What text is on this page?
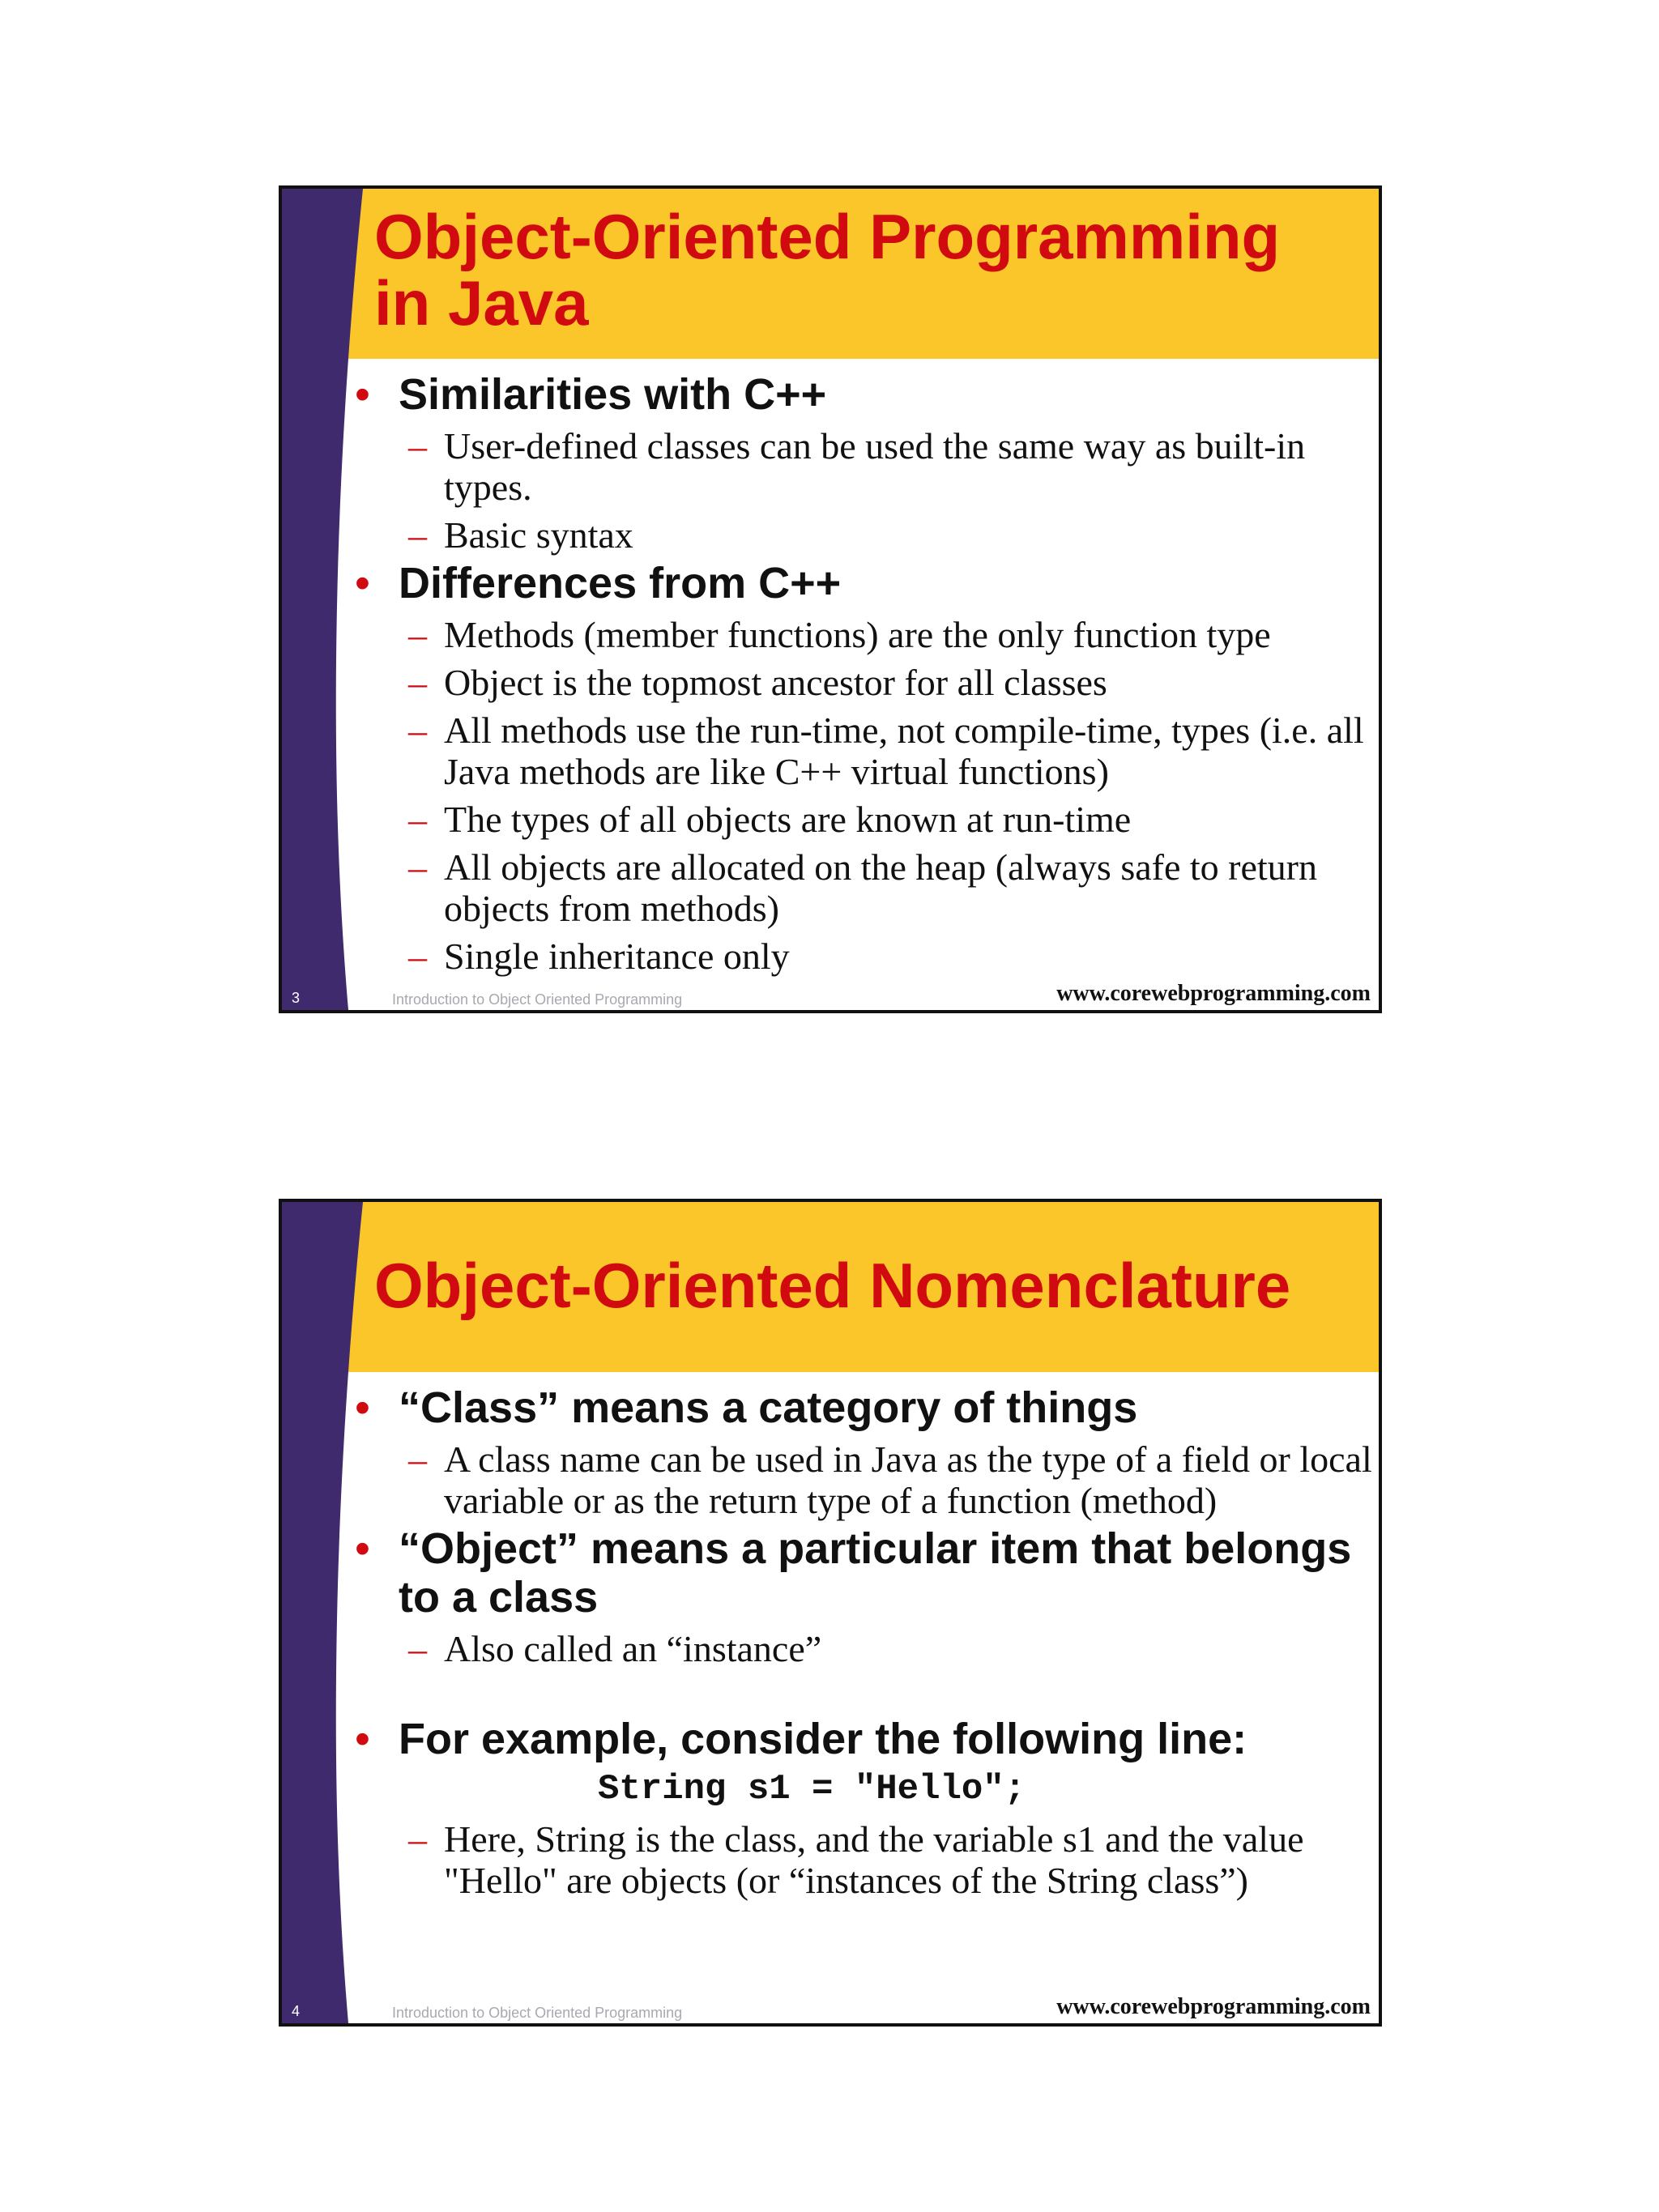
Object-Oriented Programming
in Java
• Similarities with C++
– User-defined classes can be used the same way as built-in types.
– Basic syntax
• Differences from C++
– Methods (member functions) are the only function type
– Object is the topmost ancestor for all classes
– All methods use the run-time, not compile-time, types (i.e. all Java methods are like C++ virtual functions)
– The types of all objects are known at run-time
– All objects are allocated on the heap (always safe to return objects from methods)
– Single inheritance only
3	Introduction to Object Oriented Programming	www.corewebprogramming.com
Object-Oriented Nomenclature
• “Class” means a category of things
– A class name can be used in Java as the type of a field or local variable or as the return type of a function (method)
• “Object” means a particular item that belongs to a class
– Also called an “instance”
• For example, consider the following line:
String s1 = "Hello";
– Here, String is the class, and the variable s1 and the value "Hello" are objects (or “instances of the String class”)
4	Introduction to Object Oriented Programming	www.corewebprogramming.com
